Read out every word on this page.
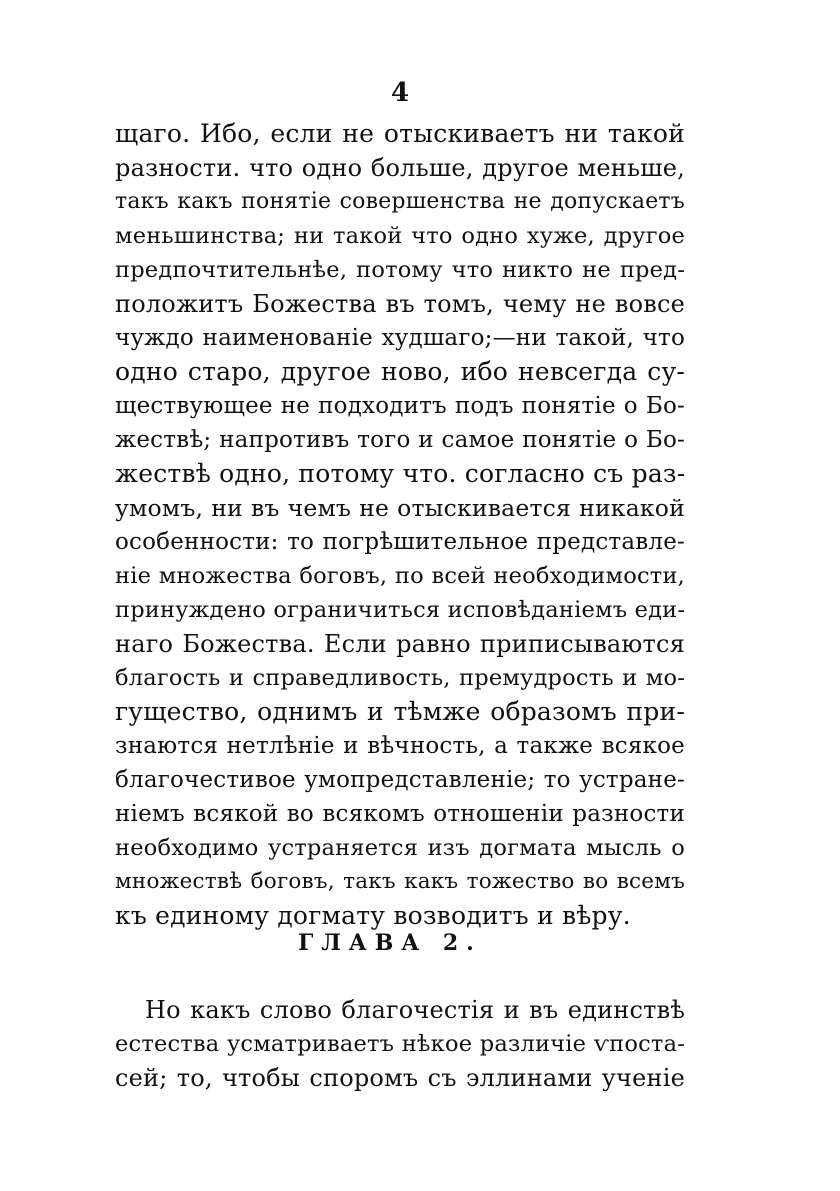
4
щаго. Ибо, если не отыскиваетъ ни такой
разности. что одно больше, другое меньше,
такъ какъ понятіе совершенства не допускаетъ
меньшинства; ни такой что одно хуже, другое
предпочтительнѣе, потому что никто не пред-
положитъ Божества въ томъ, чему не вовсе
чуждо наименованіе худшаго;—ни такой, что
одно старо, другое ново, ибо невсегда су-
ществующее не подходитъ подъ понятіе о Бо-
жествѣ; напротивъ того и самое понятіе о Бо-
жествѣ одно, потому что. согласно съ раз-
умомъ, ни въ чемъ не отыскивается никакой
особенности: то погрѣшительное представле-
ніе множества боговъ, по всей необходимости,
принуждено ограничиться исповѣданіемъ еди-
наго Божества. Если равно приписываются
благость и справедливость, премудрость и мо-
гущество, однимъ и тѣмже образомъ при-
знаются нетлѣніе и вѣчность, а также всякое
благочестивое умопредставленіе; то устране-
ніемъ всякой во всякомъ отношеніи разности
необходимо устраняется изъ догмата мысль о
множествѣ боговъ, такъ какъ тожество во всемъ
къ единому догмату возводитъ и вѣру.
ГЛАВА 2.
Но какъ слово благочестія и въ единствѣ
естества усматриваетъ нѣкое различіе ѵпоста-
сей; то, чтобы споромъ съ эллинами ученіе
